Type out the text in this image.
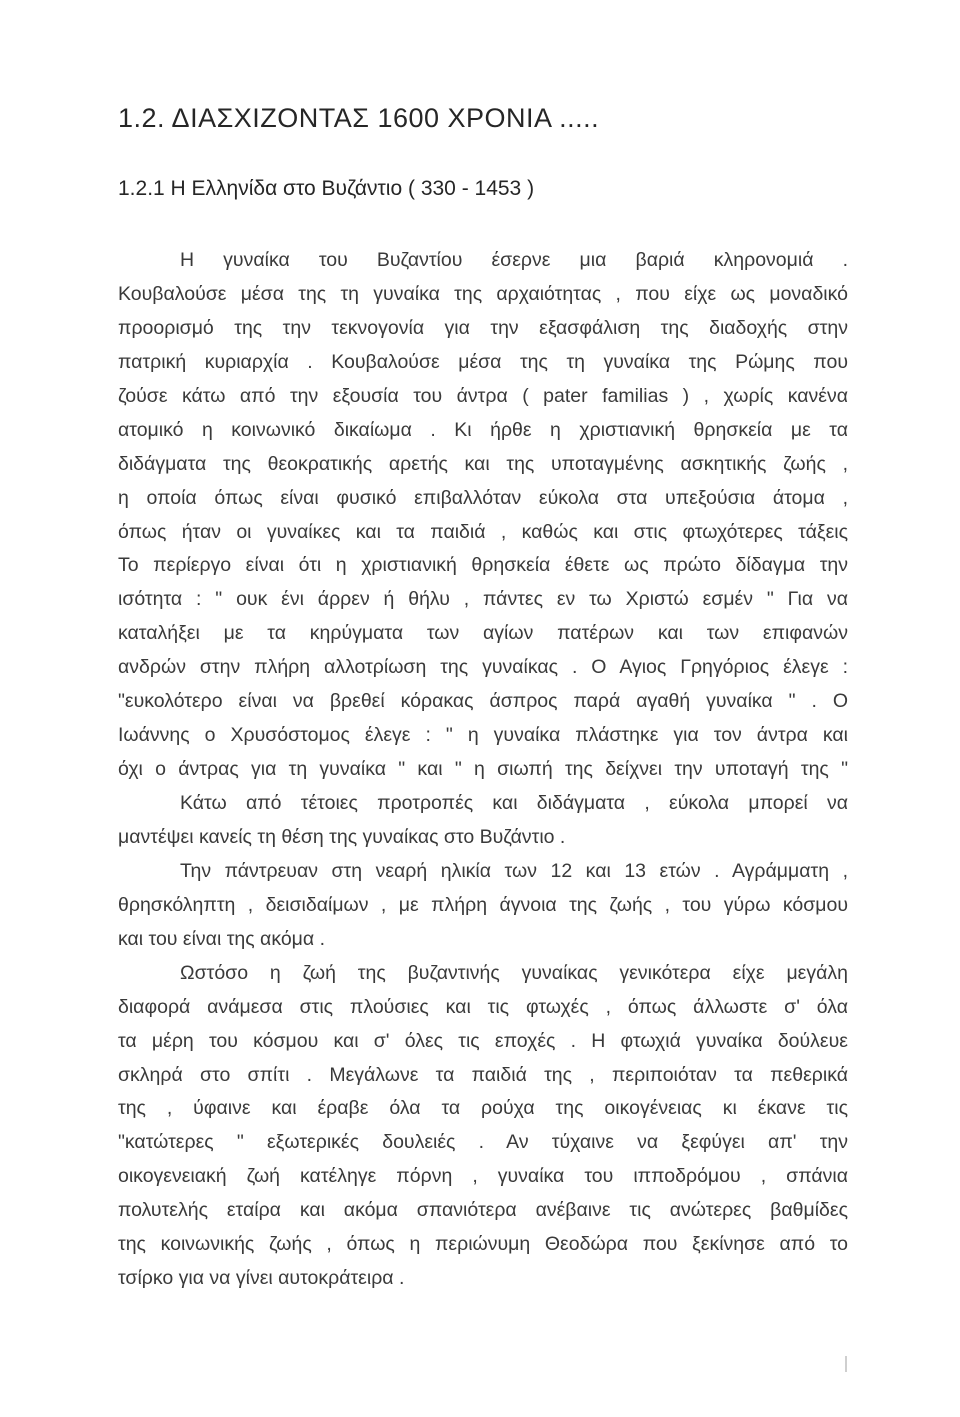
1.2. ΔΙΑΣΧΙΖΟΝΤΑΣ 1600 ΧΡΟΝΙΑ .....
1.2.1 Η Ελληνίδα στο Βυζάντιο ( 330 - 1453 )
Η γυναίκα του Βυζαντίου έσερνε μια βαριά κληρονομιά .
Κουβαλούσε μέσα της τη γυναίκα της αρχαιότητας , που είχε ως μοναδικό
προορισμό της την τεκνογονία για την εξασφάλιση της διαδοχής στην
πατρική κυριαρχία . Κουβαλούσε μέσα της τη γυναίκα της Ρώμης που
ζούσε κάτω από την εξουσία του άντρα ( pater familias ) , χωρίς κανένα
ατομικό η κοινωνικό δικαίωμα . Κι ήρθε η χριστιανική θρησκεία με τα
διδάγματα της θεοκρατικής αρετής και της υποταγμένης ασκητικής ζωής ,
η οποία όπως είναι φυσικό επιβαλλόταν εύκολα στα υπεξούσια άτομα ,
όπως ήταν οι γυναίκες και τα παιδιά , καθώς και στις φτωχότερες τάξεις
Το περίεργο είναι ότι η χριστιανική θρησκεία έθετε ως πρώτο δίδαγμα την
ισότητα : " ουκ ένι άρρεν ή θήλυ , πάντες εν τω Χριστώ εσμέν " Για να
καταλήξει με τα κηρύγματα των αγίων πατέρων και των επιφανών
ανδρών στην πλήρη αλλοτρίωση της γυναίκας . Ο Αγιος Γρηγόριος έλεγε :
"ευκολότερο είναι να βρεθεί κόρακας άσπρος παρά αγαθή γυναίκα " . Ο
Ιωάννης ο Χρυσόστομος έλεγε : " η γυναίκα πλάστηκε για τον άντρα και
όχι ο άντρας για τη γυναίκα " και " η σιωπή της δείχνει την υποταγή της "
Κάτω από τέτοιες προτροπές και διδάγματα , εύκολα μπορεί να
μαντέψει κανείς τη θέση της γυναίκας στο Βυζάντιο .
Την πάντρευαν στη νεαρή ηλικία των 12 και 13 ετών . Αγράμματη ,
θρησκόληπτη , δεισιδαίμων , με πλήρη άγνοια της ζωής , του γύρω κόσμου
και του είναι της ακόμα .
Ωστόσο η ζωή της βυζαντινής γυναίκας γενικότερα είχε μεγάλη
διαφορά ανάμεσα στις πλούσιες και τις φτωχές , όπως άλλωστε σ' όλα
τα μέρη του κόσμου και σ' όλες τις εποχές . Η φτωχιά γυναίκα δούλευε
σκληρά στο σπίτι . Μεγάλωνε τα παιδιά της , περιποιόταν τα πεθερικά
της , ύφαινε και έραβε όλα τα ρούχα της οικογένειας κι έκανε τις
"κατώτερες " εξωτερικές δουλειές . Αν τύχαινε να ξεφύγει απ' την
οικογενειακή ζωή κατέληγε πόρνη , γυναίκα του ιπποδρόμου , σπάνια
πολυτελής εταίρα και ακόμα σπανιότερα ανέβαινε τις ανώτερες βαθμίδες
της κοινωνικής ζωής , όπως η περιώνυμη Θεοδώρα που ξεκίνησε από το
τσίρκο για να γίνει αυτοκράτειρα .
